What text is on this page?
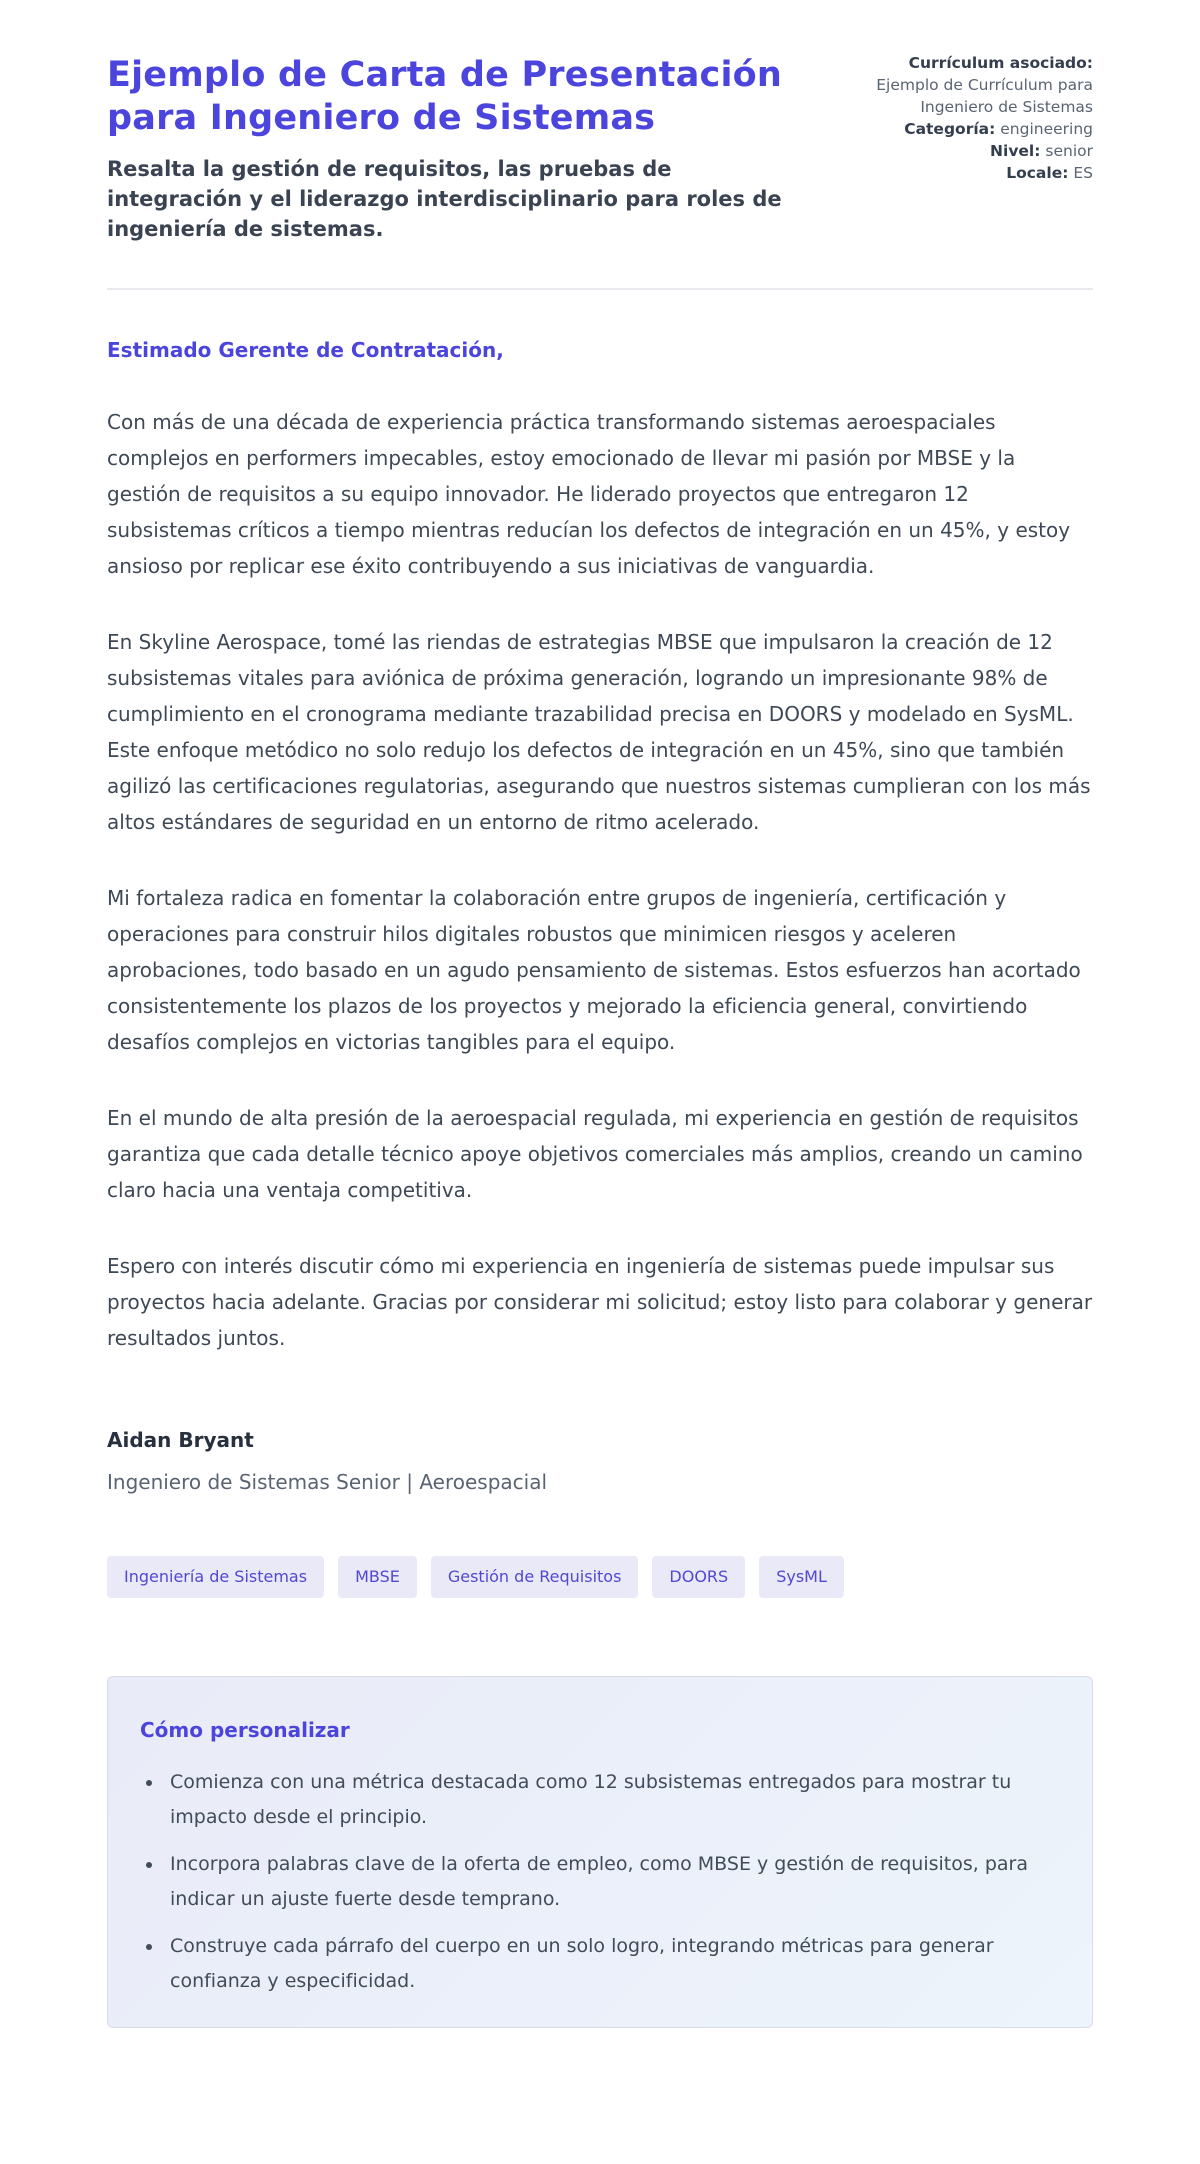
Ejemplo de Carta de Presentación para Ingeniero de Sistemas

Resalta la gestión de requisitos, las pruebas de integración y el liderazgo interdisciplinario para roles de ingeniería de sistemas.

Currículum asociado:
Ejemplo de Currículum para Ingeniero de Sistemas
Categoría: engineering
Nivel: senior
Locale: ES

Estimado Gerente de Contratación,

Con más de una década de experiencia práctica transformando sistemas aeroespaciales complejos en performers impecables, estoy emocionado de llevar mi pasión por MBSE y la gestión de requisitos a su equipo innovador. He liderado proyectos que entregaron 12 subsistemas críticos a tiempo mientras reducían los defectos de integración en un 45%, y estoy ansioso por replicar ese éxito contribuyendo a sus iniciativas de vanguardia.

En Skyline Aerospace, tomé las riendas de estrategias MBSE que impulsaron la creación de 12 subsistemas vitales para aviónica de próxima generación, logrando un impresionante 98% de cumplimiento en el cronograma mediante trazabilidad precisa en DOORS y modelado en SysML. Este enfoque metódico no solo redujo los defectos de integración en un 45%, sino que también agilizó las certificaciones regulatorias, asegurando que nuestros sistemas cumplieran con los más altos estándares de seguridad en un entorno de ritmo acelerado.

Mi fortaleza radica en fomentar la colaboración entre grupos de ingeniería, certificación y operaciones para construir hilos digitales robustos que minimicen riesgos y aceleren aprobaciones, todo basado en un agudo pensamiento de sistemas. Estos esfuerzos han acortado consistentemente los plazos de los proyectos y mejorado la eficiencia general, convirtiendo desafíos complejos en victorias tangibles para el equipo.

En el mundo de alta presión de la aeroespacial regulada, mi experiencia en gestión de requisitos garantiza que cada detalle técnico apoye objetivos comerciales más amplios, creando un camino claro hacia una ventaja competitiva.

Espero con interés discutir cómo mi experiencia en ingeniería de sistemas puede impulsar sus proyectos hacia adelante. Gracias por considerar mi solicitud; estoy listo para colaborar y generar resultados juntos.

Aidan Bryant

Ingeniero de Sistemas Senior | Aeroespacial

Ingeniería de Sistemas	MBSE	Gestión de Requisitos	DOORS	SysML
Cómo personalizar
• Comienza con una métrica destacada como 12 subsistemas entregados para mostrar tu impacto desde el principio.
• Incorpora palabras clave de la oferta de empleo, como MBSE y gestión de requisitos, para indicar un ajuste fuerte desde temprano.
• Construye cada párrafo del cuerpo en un solo logro, integrando métricas para generar confianza y especificidad.
